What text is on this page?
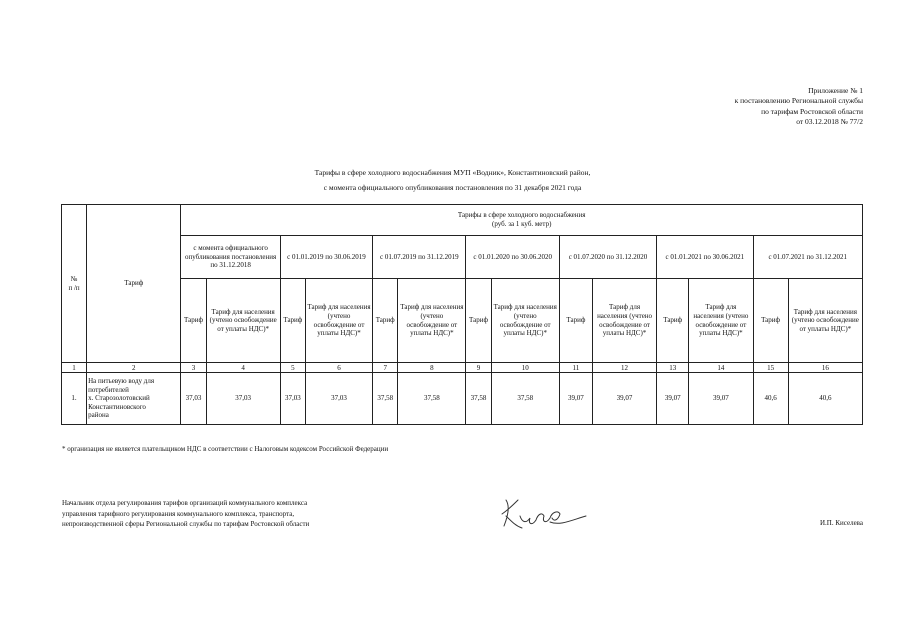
Приложение № 1
к постановлению Региональной службы
по тарифам Ростовской области
от 03.12.2018 № 77/2
Тарифы в сфере холодного водоснабжения МУП «Водник», Константиновский район,
с момента официального опубликования постановления по 31 декабря 2021 года
№
п /п	Тариф	Тарифы в сфере холодного водоснабжения
(руб. за 1 куб. метр)													
		с момента официального опубликования постановления по 31.12.2018		с 01.01.2019 по 30.06.2019		с 01.07.2019 по 31.12.2019		с 01.01.2020 по 30.06.2020		с 01.07.2020 по 31.12.2020		с 01.01.2021 по 30.06.2021		с 01.07.2021 по 31.12.2021	
		Тариф	Тариф для населения (учтено освобождение от уплаты НДС)*	Тариф	Тариф для населения (учтено освобождение от уплаты НДС)*	Тариф	Тариф для населения (учтено освобождение от уплаты НДС)*	Тариф	Тариф для населения (учтено освобождение от уплаты НДС)*	Тариф	Тариф для населения (учтено освобождение от уплаты НДС)*	Тариф	Тариф для населения (учтено освобождение от уплаты НДС)*	Тариф	Тариф для населения (учтено освобождение от уплаты НДС)*
1	2	3	4	5	6	7	8	9	10	11	12	13	14	15	16
1.	На питьевую воду для
потребителей
х. Старозолотовский
Константиновского
района	37,03	37,03	37,03	37,03	37,58	37,58	37,58	37,58	39,07	39,07	39,07	39,07	40,6	40,6
* организация не является плательщиком НДС в соответствии с Налоговым кодексом Российской Федерации
Начальник отдела регулирования тарифов организаций коммунального комплекса
управления тарифного регулирования коммунального комплекса, транспорта,
непроизводственной сферы Региональной службы по тарифам Ростовской области	И.П. Киселева
